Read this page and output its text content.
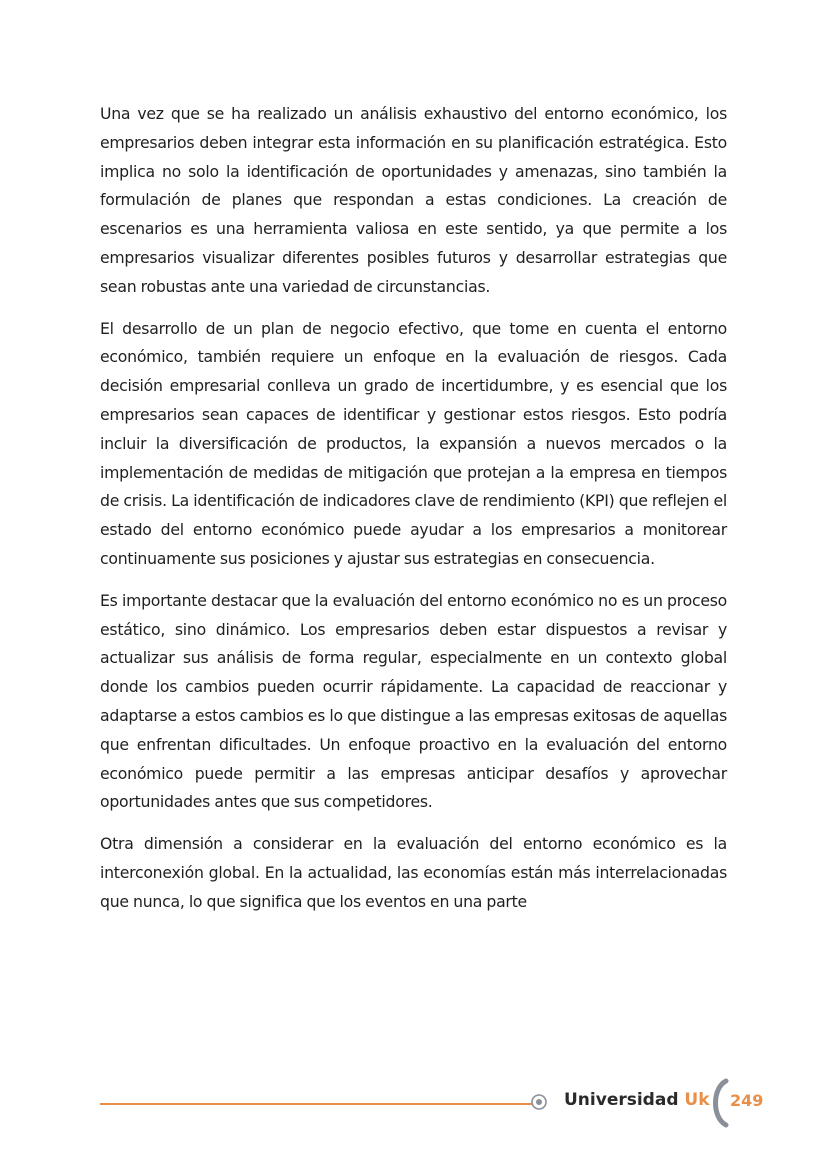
Una vez que se ha realizado un análisis exhaustivo del entorno económico, los empresarios deben integrar esta información en su planificación estratégica. Esto implica no solo la identificación de oportunidades y amenazas, sino también la formulación de planes que respondan a estas condiciones. La creación de escenarios es una herramienta valiosa en este sentido, ya que permite a los empresarios visualizar diferentes posibles futuros y desarrollar estrategias que sean robustas ante una variedad de circunstancias.

El desarrollo de un plan de negocio efectivo, que tome en cuenta el entorno económico, también requiere un enfoque en la evaluación de riesgos. Cada decisión empresarial conlleva un grado de incertidumbre, y es esencial que los empresarios sean capaces de identificar y gestionar estos riesgos. Esto podría incluir la diversificación de productos, la expansión a nuevos mercados o la implementación de medidas de mitigación que protejan a la empresa en tiempos de crisis. La identificación de indicadores clave de rendimiento (KPI) que reflejen el estado del entorno económico puede ayudar a los empresarios a monitorear continuamente sus posiciones y ajustar sus estrategias en consecuencia.

Es importante destacar que la evaluación del entorno económico no es un proceso estático, sino dinámico. Los empresarios deben estar dispuestos a revisar y actualizar sus análisis de forma regular, especialmente en un contexto global donde los cambios pueden ocurrir rápidamente. La capacidad de reaccionar y adaptarse a estos cambios es lo que distingue a las empresas exitosas de aquellas que enfrentan dificultades. Un enfoque proactivo en la evaluación del entorno económico puede permitir a las empresas anticipar desafíos y aprovechar oportunidades antes que sus competidores.

Otra dimensión a considerar en la evaluación del entorno económico es la interconexión global. En la actualidad, las economías están más interrelacionadas que nunca, lo que significa que los eventos en una parte

Universidad Uk 249
